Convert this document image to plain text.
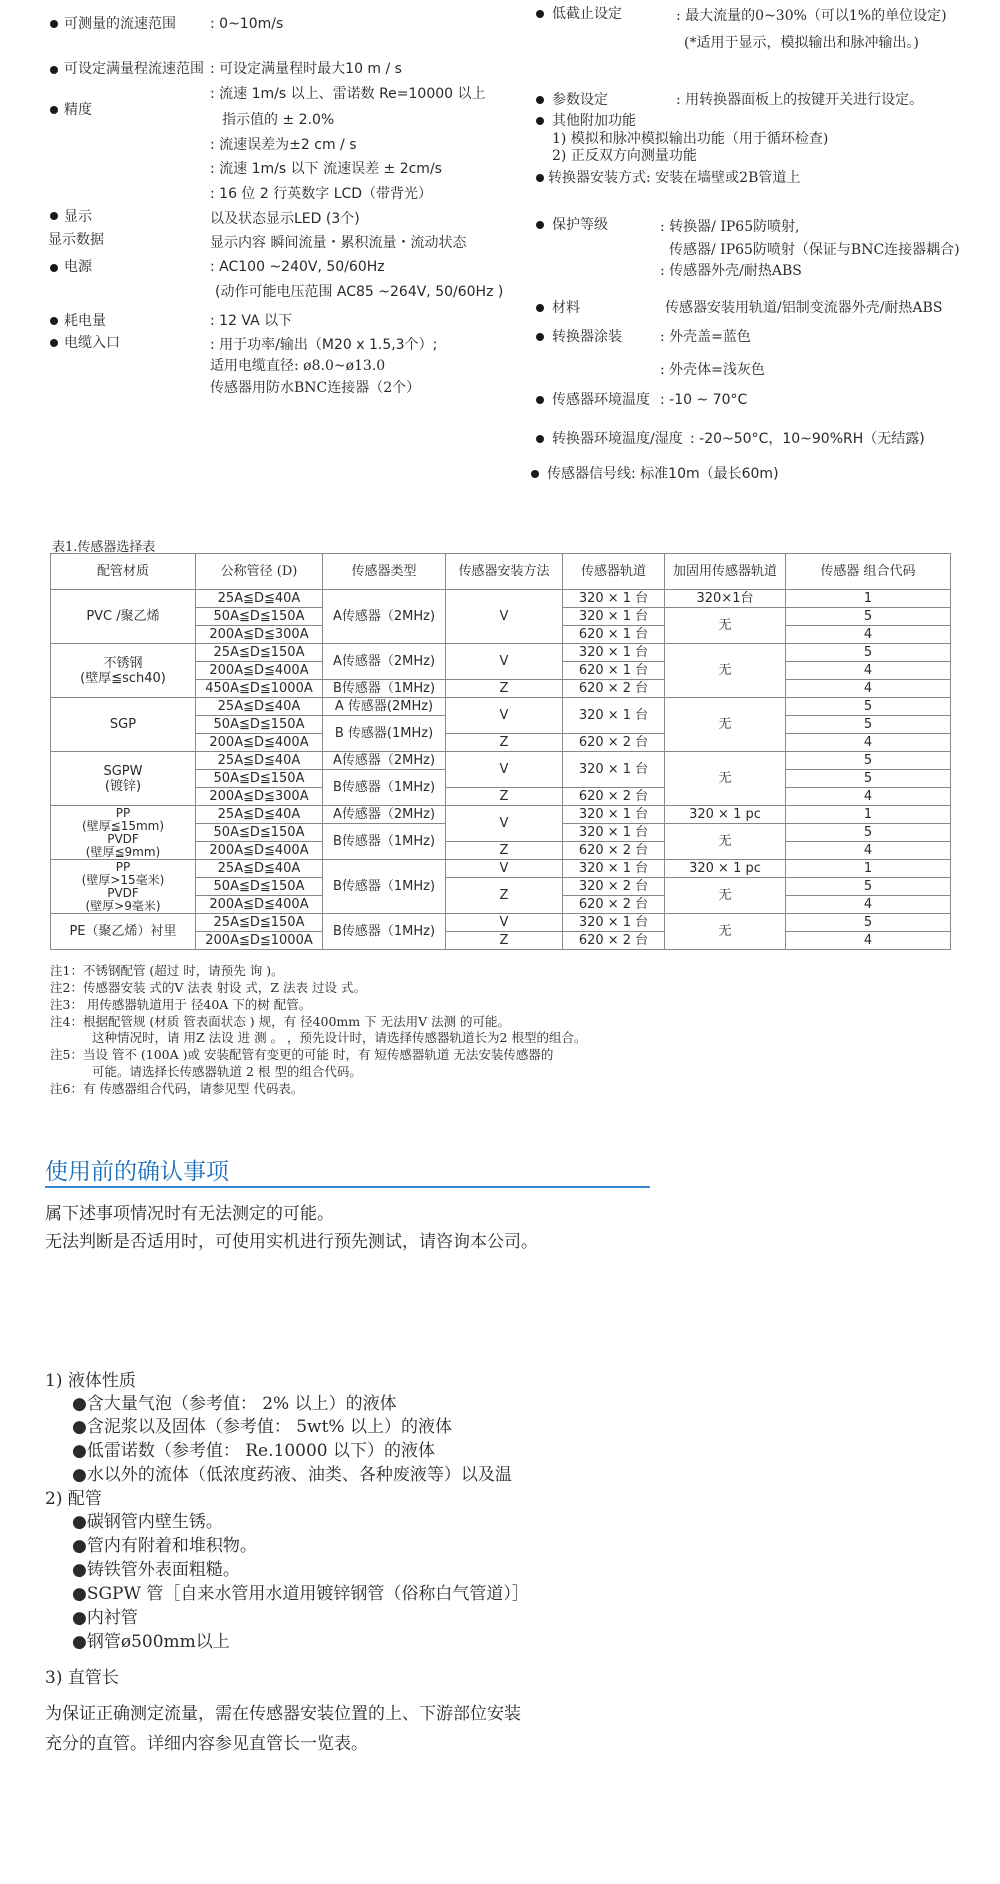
可测量的流速范围 : 0~10m/s
可设定满量程流速范围 : 可设定满量程时最大10 m / s
精度
: 流速 1m/s 以上、雷诺数 Re=10000 以上
指示值的 ± 2.0%
: 流速误差为±2 cm / s
: 流速 1m/s 以下 流速误差 ± 2cm/s
: 16 位 2 行英数字 LCD（带背光）
显示	以及状态显示LED (3个)
显示数据	显示内容 瞬间流量・累积流量・流动状态
电源	: AC100 ~240V, 50/60Hz
(动作可能电压范围 AC85 ~264V, 50/60Hz )
耗电量	: 12 VA 以下
电缆入口	: 用于功率/输出（M20 x 1.5,3个）;
适用电缆直径: ø8.0~ø13.0
传感器用防水BNC连接器（2个）
低截止设定	: 最大流量的0~30%（可以1%的单位设定)
(*适用于显示，模拟输出和脉冲输出。)
参数设定	: 用转换器面板上的按键开关进行设定。
其他附加功能
1) 模拟和脉冲模拟输出功能（用于循环检查)
2) 正反双方向测量功能
转换器安装方式: 安装在墙壁或2B管道上
保护等级	: 转换器/ IP65防喷射,
传感器/ IP65防喷射（保证与BNC连接器耦合)
: 传感器外壳/耐热ABS
材料	传感器安装用轨道/铝制变流器外壳/耐热ABS
转换器涂装	: 外壳盖=蓝色
: 外壳体=浅灰色
传感器环境温度 : -10 ~ 70°C
转换器环境温度/湿度 : -20~50°C，10~90%RH（无结露)
传感器信号线: 标准10m（最长60m)
表1.传感器选择表
配管材质	公称管径 (D)	传感器类型	传感器安装方法	传感器轨道	加固用传感器轨道	传感器 组合代码
PVC /聚乙烯	25A≦D≦40A	A传感器（2MHz)	V	320 × 1 台	320×1台	1
	50A≦D≦150A			320 × 1 台	无	5
	200A≦D≦300A			620 × 1 台		4
不锈钢
(壁厚≦sch40)	25A≦D≦150A	A传感器（2MHz)	V	320 × 1 台	无	5
	200A≦D≦400A			620 × 1 台		4
	450A≦D≦1000A	B传感器（1MHz)	Z	620 × 2 台		4
SGP	25A≦D≦40A	A 传感器(2MHz)	V	320 × 1 台	无	5
	50A≦D≦150A	B 传感器(1MHz)				5
	200A≦D≦400A		Z	620 × 2 台		4
SGPW
(镀锌)	25A≦D≦40A	A传感器（2MHz)	V	320 × 1 台	无	5
	50A≦D≦150A	B传感器（1MHz)				5
	200A≦D≦300A		Z	620 × 2 台		4
PP
(壁厚≦15mm)
PVDF
(壁厚≦9mm)	25A≦D≦40A	A传感器（2MHz)	V	320 × 1 台	320 × 1 pc	1
	50A≦D≦150A	B传感器（1MHz)		320 × 1 台	无	5
	200A≦D≦400A		Z	620 × 2 台		4
PP
(壁厚>15毫米)
PVDF
(壁厚>9毫米)	25A≦D≦40A	B传感器（1MHz)	V	320 × 1 台	320 × 1 pc	1
	50A≦D≦150A		Z	320 × 2 台	无	5
	200A≦D≦400A			620 × 2 台		4
PE（聚乙烯）衬里	25A≦D≦150A	B传感器（1MHz)	V	320 × 1 台	无	5
	200A≦D≦1000A		Z	620 × 2 台		4
注1：不锈钢配管 (超过 时，请预先 询 )。
注2：传感器安装 式的V 法表 射设 式，Z 法表 过设 式。
注3： 用传感器轨道用于 径40A 下的树 配管。
注4：根据配管规 (材质 管表面状态 ) 规，有 径400mm 下 无法用V 法测 的可能。
这种情况时，请 用Z 法设 进 测 。 ，预先设计时，请选择传感器轨道长为2 根型的组合。
注5：当设 管不 (100A )或 安装配管有变更的可能 时，有 短传感器轨道 无法安装传感器的
可能。请选择长传感器轨道 2 根 型的组合代码。
注6：有 传感器组合代码，请参见型 代码表。
使用前的确认事项
属下述事项情况时有无法测定的可能。
无法判断是否适用时，可使用实机进行预先测试，请咨询本公司。
1) 液体性质
●含大量气泡（参考值： 2% 以上）的液体
●含泥浆以及固体（参考值： 5wt% 以上）的液体
●低雷诺数（参考值： Re.10000 以下）的液体
●水以外的流体（低浓度药液、油类、各种废液等）以及温
2) 配管
●碳钢管内壁生锈。
●管内有附着和堆积物。
●铸铁管外表面粗糙。
●SGPW 管［自来水管用水道用镀锌钢管（俗称白气管道）］
●内衬管
●钢管ø500mm以上
3) 直管长
为保证正确测定流量，需在传感器安装位置的上、下游部位安装
充分的直管。详细内容参见直管长一览表。
